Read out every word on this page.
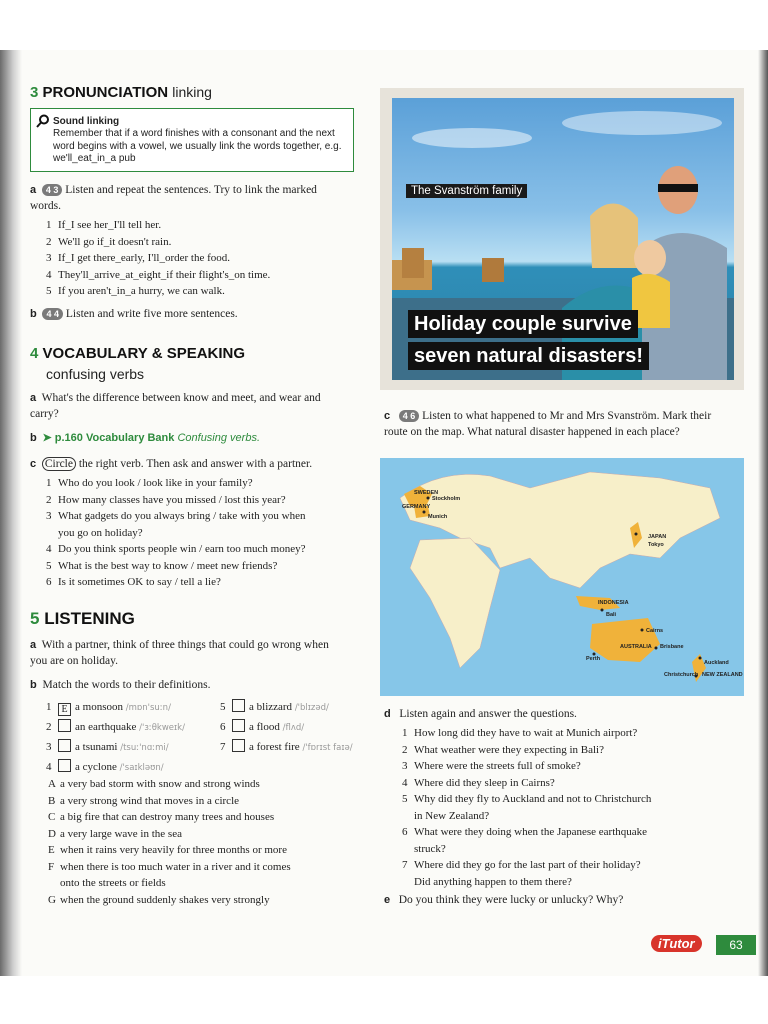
3 PRONUNCIATION linking
Sound linking
Remember that if a word finishes with a consonant and the next word begins with a vowel, we usually link the words together, e.g. we'll_eat_in_a pub
a 4 3 Listen and repeat the sentences. Try to link the marked words.
1 If_I see her_I'll tell her.
2 We'll go if_it doesn't rain.
3 If_I get there_early, I'll_order the food.
4 They'll_arrive_at_eight_if their flight's_on time.
5 If you aren't_in_a hurry, we can walk.
b 4 4 Listen and write five more sentences.
4 VOCABULARY & SPEAKING
confusing verbs
a What's the difference between know and meet, and wear and carry?
b ➤ p.160 Vocabulary Bank Confusing verbs.
c Circle the right verb. Then ask and answer with a partner.
1 Who do you look / look like in your family?
2 How many classes have you missed / lost this year?
3 What gadgets do you always bring / take with you when
you go on holiday?
4 Do you think sports people win / earn too much money?
5 What is the best way to know / meet new friends?
6 Is it sometimes OK to say / tell a lie?
5 LISTENING
a With a partner, think of three things that could go wrong when you are on holiday.
b Match the words to their definitions.
1 E a monsoon /mɒn'suːn/
2 an earthquake /'ɜːθkweɪk/
3 a tsunami /tsuː'nɑːmi/
4 a cyclone /'saɪkləʊn/
5 a blizzard /'blɪzəd/
6 a flood /flʌd/
7 a forest fire /'fɒrɪst faɪə/
A a very bad storm with snow and strong winds
B a very strong wind that moves in a circle
C a big fire that can destroy many trees and houses
D a very large wave in the sea
E when it rains very heavily for three months or more
F when there is too much water in a river and it comes
onto the streets or fields
G when the ground suddenly shakes very strongly
The Svanström family
Holiday couple survive
seven natural disasters!
c 4 6 Listen to what happened to Mr and Mrs Svanström. Mark their route on the map. What natural disaster happened in each place?
SWEDEN
Stockholm
GERMANY
Munich
JAPAN
Tokyo
INDONESIA
Bali
Cairns
AUSTRALIA Brisbane
Perth
Auckland
Christchurch NEW ZEALAND
d Listen again and answer the questions.
1 How long did they have to wait at Munich airport?
2 What weather were they expecting in Bali?
3 Where were the streets full of smoke?
4 Where did they sleep in Cairns?
5 Why did they fly to Auckland and not to Christchurch
in New Zealand?
6 What were they doing when the Japanese earthquake
struck?
7 Where did they go for the last part of their holiday?
Did anything happen to them there?
e Do you think they were lucky or unlucky? Why?
iTutor	63
